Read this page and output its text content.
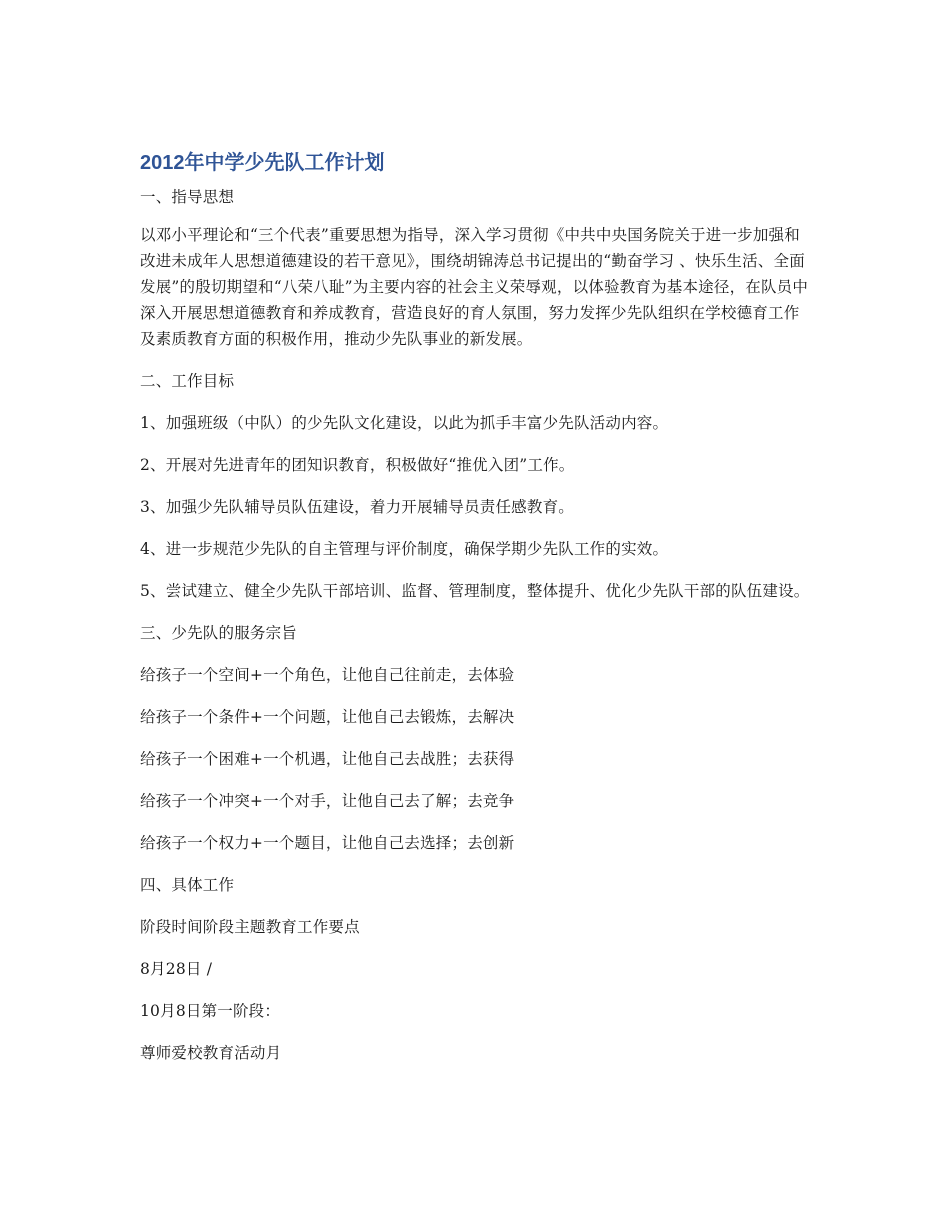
2012年中学少先队工作计划

一、指导思想

以邓小平理论和“三个代表”重要思想为指导，深入学习贯彻《中共中央国务院关于进一步加强和改进未成年人思想道德建设的若干意见》，围绕胡锦涛总书记提出的“勤奋学习 、快乐生活、全面发展”的殷切期望和“八荣八耻”为主要内容的社会主义荣辱观，以体验教育为基本途径，在队员中深入开展思想道德教育和养成教育，营造良好的育人氛围，努力发挥少先队组织在学校德育工作及素质教育方面的积极作用，推动少先队事业的新发展。

二、工作目标

1、加强班级（中队）的少先队文化建设，以此为抓手丰富少先队活动内容。

2、开展对先进青年的团知识教育，积极做好“推优入团”工作。

3、加强少先队辅导员队伍建设，着力开展辅导员责任感教育。

4、进一步规范少先队的自主管理与评价制度，确保学期少先队工作的实效。

5、尝试建立、健全少先队干部培训、监督、管理制度，整体提升、优化少先队干部的队伍建设。

三、少先队的服务宗旨

给孩子一个空间+一个角色，让他自己往前走，去体验

给孩子一个条件+一个问题，让他自己去锻炼，去解决

给孩子一个困难+一个机遇，让他自己去战胜；去获得

给孩子一个冲突+一个对手，让他自己去了解；去竞争

给孩子一个权力+一个题目，让他自己去选择；去创新

四、具体工作

阶段时间阶段主题教育工作要点

8月28日 /

10月8日第一阶段：

尊师爱校教育活动月
